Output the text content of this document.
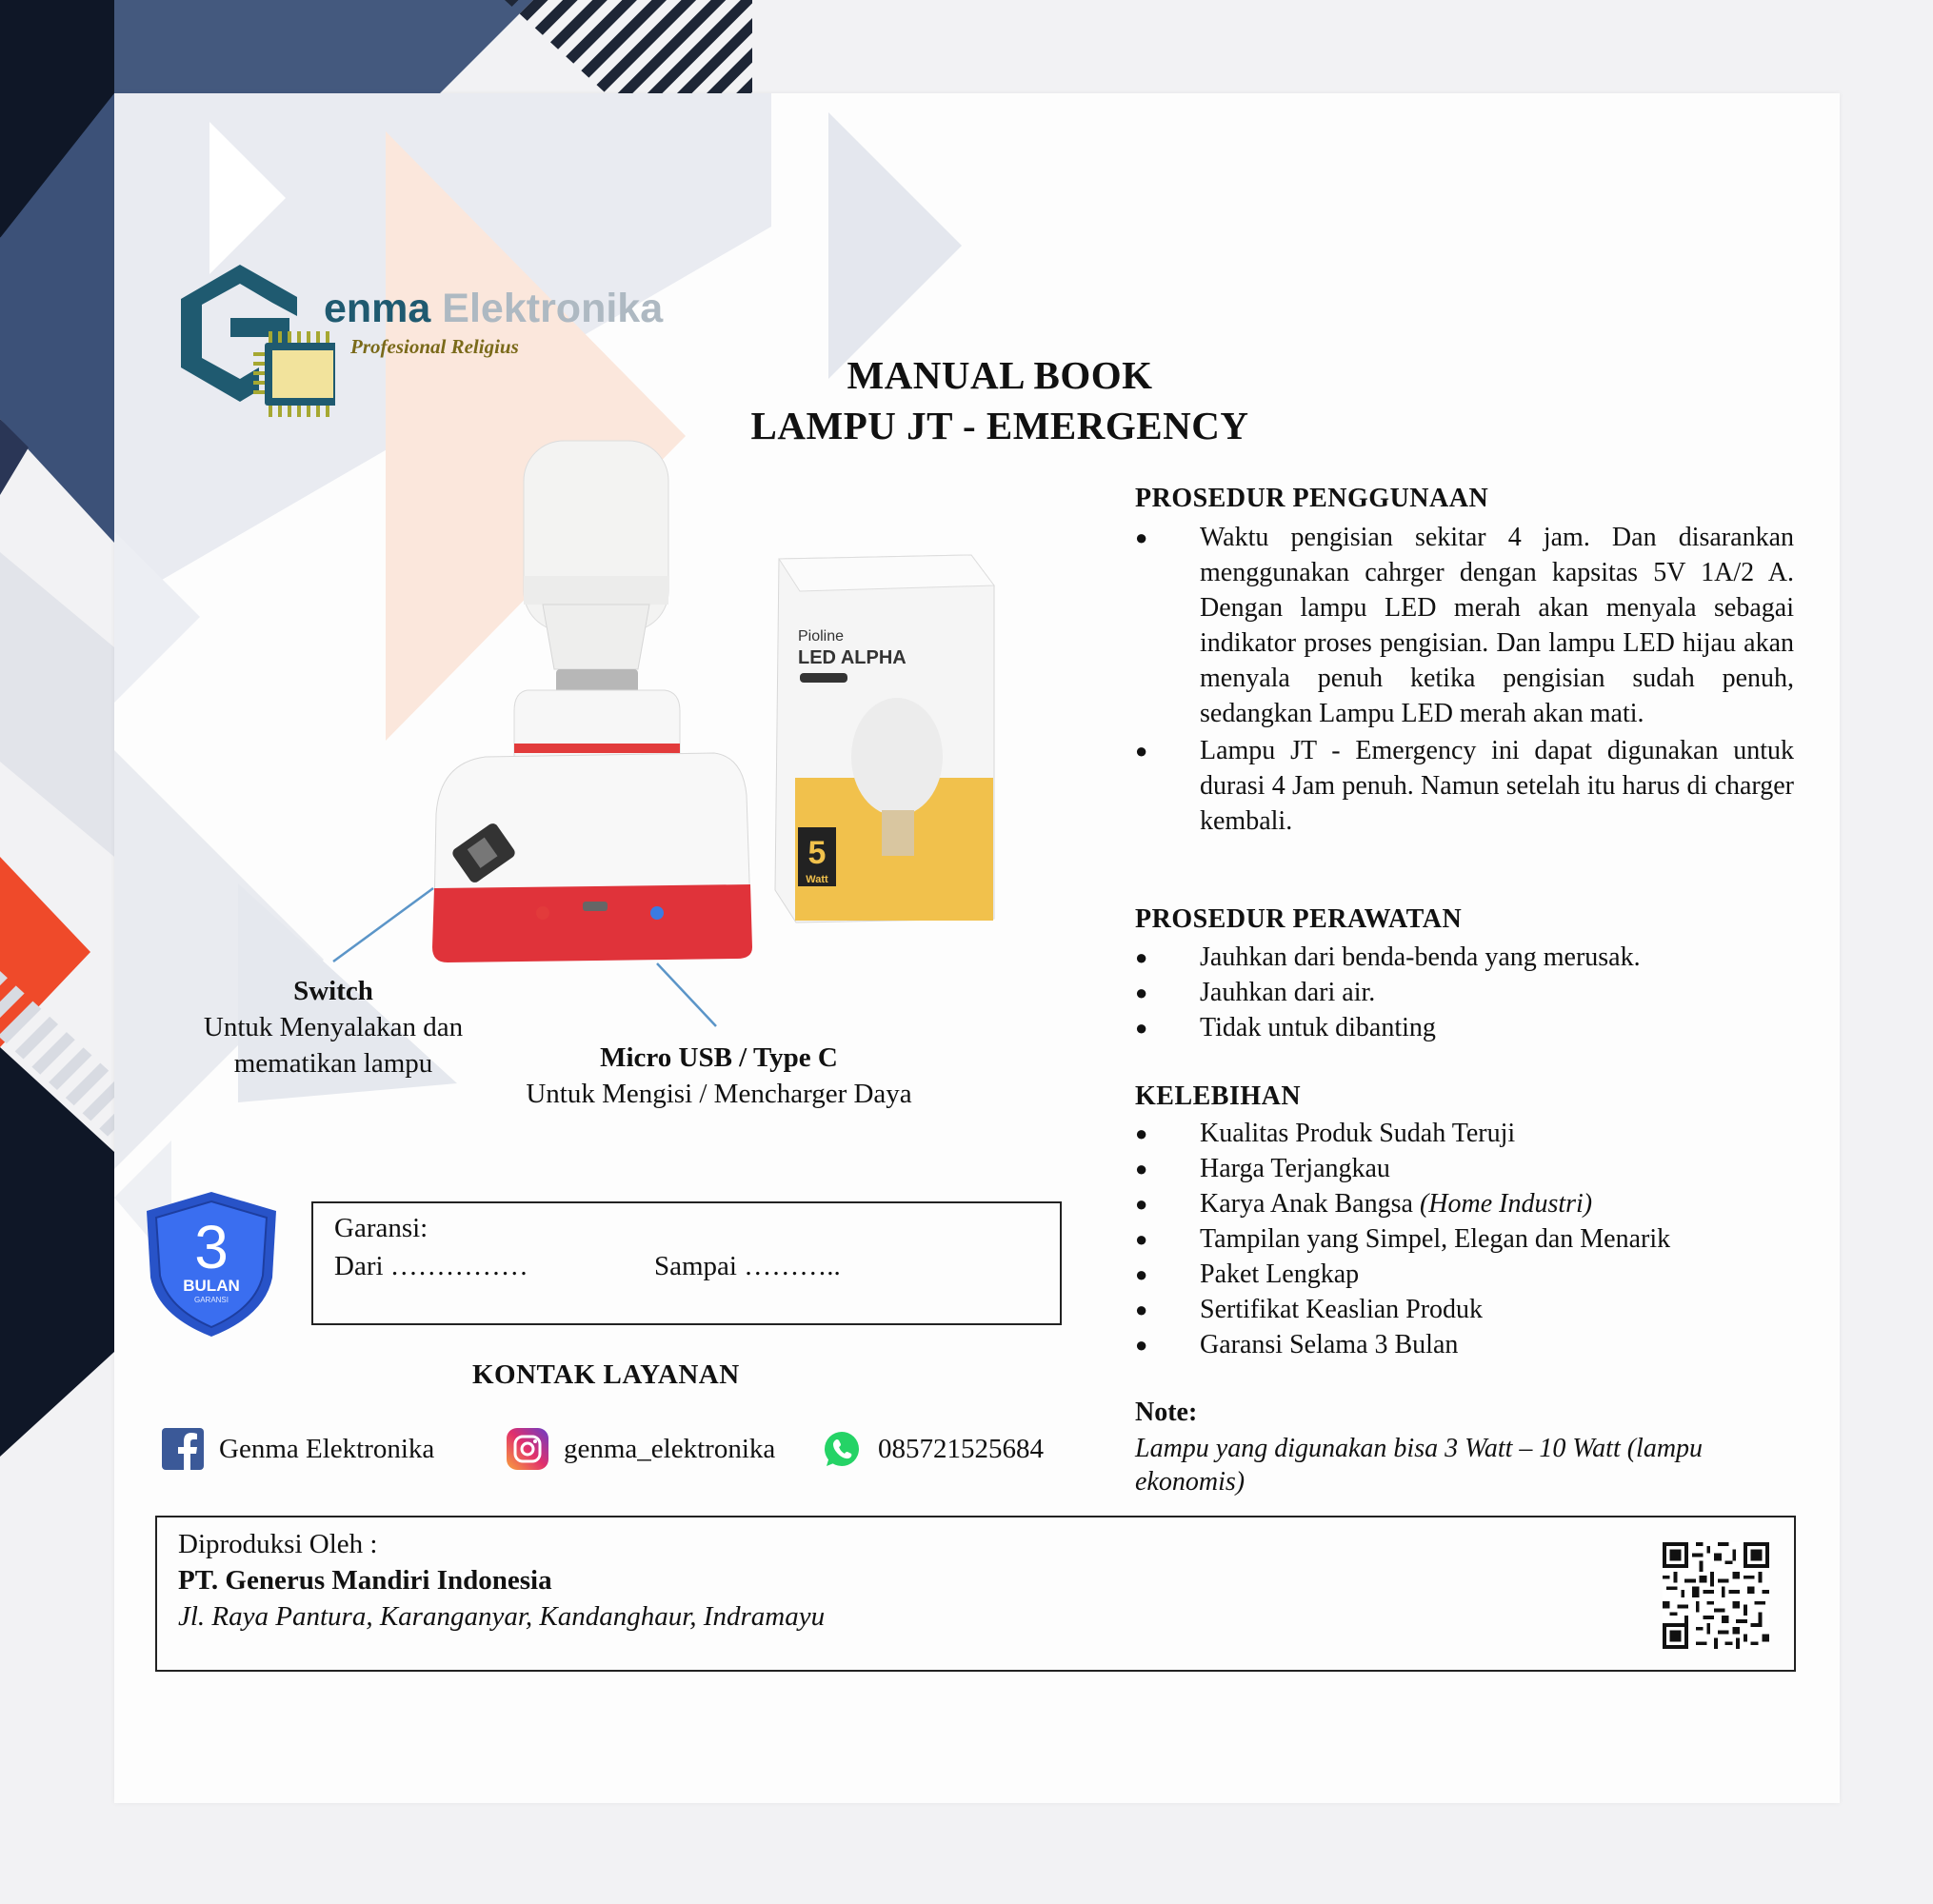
enma Elektronika
Profesional Religius
MANUAL BOOK
LAMPU JT - EMERGENCY
5
Watt
Pioline
LED ALPHA
Switch
Untuk Menyalakan dan mematikan lampu	Micro USB / Type C
Untuk Mengisi / Mencharger Daya
PROSEDUR PENGGUNAAN
● Waktu pengisian sekitar 4 jam. Dan disarankan menggunakan cahrger dengan kapsitas 5V 1A/2 A. Dengan lampu LED merah akan menyala sebagai indikator proses pengisian. Dan lampu LED hijau akan menyala penuh ketika pengisian sudah penuh, sedangkan Lampu LED merah akan mati.
● Lampu JT - Emergency ini dapat digunakan untuk durasi 4 Jam penuh. Namun setelah itu harus di charger kembali.
PROSEDUR PERAWATAN
● Jauhkan dari benda-benda yang merusak.
● Jauhkan dari air.
● Tidak untuk dibanting
KELEBIHAN
● Kualitas Produk Sudah Teruji
● Harga Terjangkau
● Karya Anak Bangsa (Home Industri)
● Tampilan yang Simpel, Elegan dan Menarik
● Paket Lengkap
● Sertifikat Keaslian Produk
● Garansi Selama 3 Bulan
3
BULAN
GARANSI
Garansi:
Dari ……………	Sampai ………..
KONTAK LAYANAN
Genma Elektronika	genma_elektronika	085721525684
Note:
Lampu yang digunakan bisa 3 Watt – 10 Watt (lampu ekonomis)
Diproduksi Oleh :
PT. Generus Mandiri Indonesia
Jl. Raya Pantura, Karanganyar, Kandanghaur, Indramayu
